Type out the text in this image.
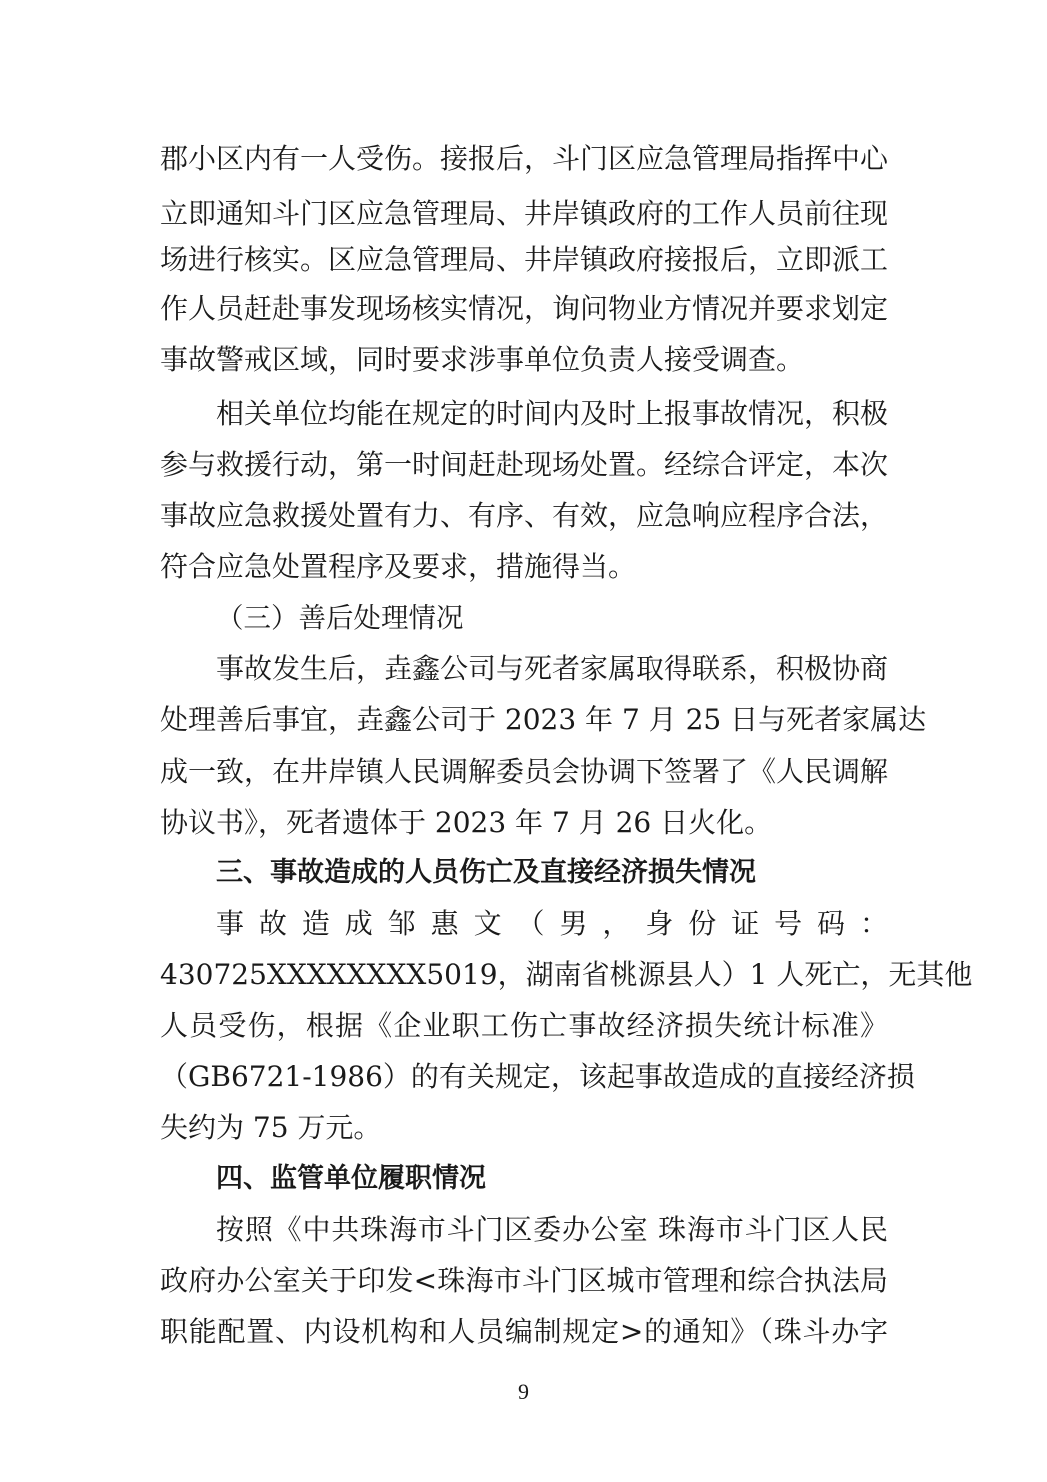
郡小区内有一人受伤。接报后，斗门区应急管理局指挥中心
立即通知斗门区应急管理局、井岸镇政府的工作人员前往现
场进行核实。区应急管理局、井岸镇政府接报后，立即派工
作人员赶赴事发现场核实情况，询问物业方情况并要求划定
事故警戒区域，同时要求涉事单位负责人接受调查。
相关单位均能在规定的时间内及时上报事故情况，积极
参与救援行动，第一时间赶赴现场处置。经综合评定，本次
事故应急救援处置有力、有序、有效，应急响应程序合法，
符合应急处置程序及要求，措施得当。
（三）善后处理情况
事故发生后，垚鑫公司与死者家属取得联系，积极协商
处理善后事宜，垚鑫公司于 2023 年 7 月 25 日与死者家属达
成一致，在井岸镇人民调解委员会协调下签署了《人民调解
协议书》，死者遗体于 2023 年 7 月 26 日火化。
三、事故造成的人员伤亡及直接经济损失情况
事故造成邹惠文（男，身份证号码：
430725XXXXXXXX5019，湖南省桃源县人）1 人死亡，无其他
人员受伤，根据《企业职工伤亡事故经济损失统计标准》
（GB6721-1986）的有关规定，该起事故造成的直接经济损
失约为 75 万元。
四、监管单位履职情况
按照《中共珠海市斗门区委办公室 珠海市斗门区人民
政府办公室关于印发<珠海市斗门区城市管理和综合执法局
职能配置、内设机构和人员编制规定>的通知》（珠斗办字
9
